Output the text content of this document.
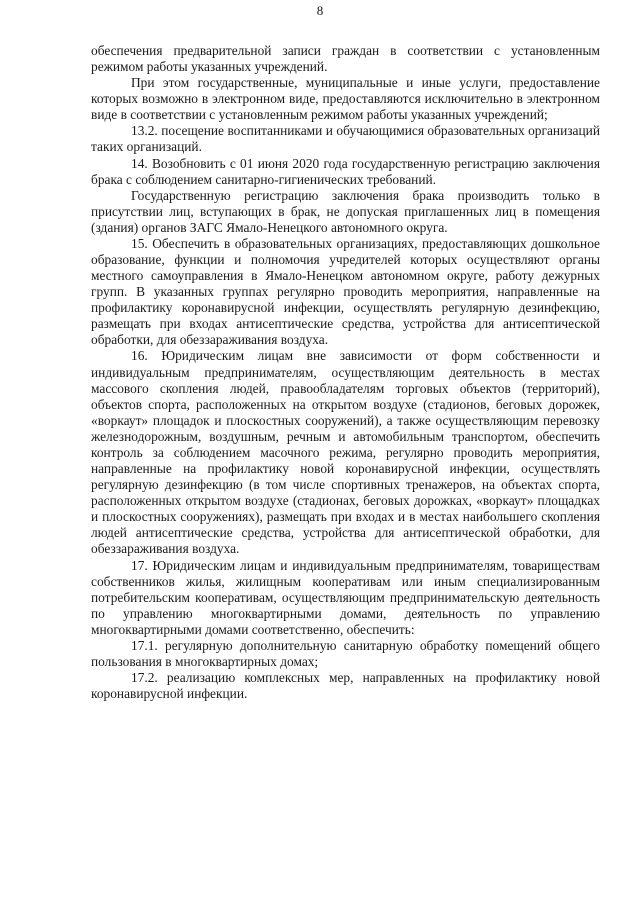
8

обеспечения предварительной записи граждан в соответствии с установленным режимом работы указанных учреждений.

При этом государственные, муниципальные и иные услуги, предоставление которых возможно в электронном виде, предоставляются исключительно в электронном виде в соответствии с установленным режимом работы указанных учреждений;

13.2. посещение воспитанниками и обучающимися образовательных организаций таких организаций.

14. Возобновить с 01 июня 2020 года государственную регистрацию заключения брака с соблюдением санитарно-гигиенических требований.

Государственную регистрацию заключения брака производить только в присутствии лиц, вступающих в брак, не допуская приглашенных лиц в помещения (здания) органов ЗАГС Ямало-Ненецкого автономного округа.

15. Обеспечить в образовательных организациях, предоставляющих дошкольное образование, функции и полномочия учредителей которых осуществляют органы местного самоуправления в Ямало-Ненецком автономном округе, работу дежурных групп. В указанных группах регулярно проводить мероприятия, направленные на профилактику коронавирусной инфекции, осуществлять регулярную дезинфекцию, размещать при входах антисептические средства, устройства для антисептической обработки, для обеззараживания воздуха.

16. Юридическим лицам вне зависимости от форм собственности и индивидуальным предпринимателям, осуществляющим деятельность в местах массового скопления людей, правообладателям торговых объектов (территорий), объектов спорта, расположенных на открытом воздухе (стадионов, беговых дорожек, «воркаут» площадок и плоскостных сооружений), а также осуществляющим перевозку железнодорожным, воздушным, речным и автомобильным транспортом, обеспечить контроль за соблюдением масочного режима, регулярно проводить мероприятия, направленные на профилактику новой коронавирусной инфекции, осуществлять регулярную дезинфекцию (в том числе спортивных тренажеров, на объектах спорта, расположенных открытом воздухе (стадионах, беговых дорожках, «воркаут» площадках и плоскостных сооружениях), размещать при входах и в местах наибольшего скопления людей антисептические средства, устройства для антисептической обработки, для обеззараживания воздуха.

17. Юридическим лицам и индивидуальным предпринимателям, товариществам собственников жилья, жилищным кооперативам или иным специализированным потребительским кооперативам, осуществляющим предпринимательскую деятельность по управлению многоквартирными домами, деятельность по управлению многоквартирными домами соответственно, обеспечить:

17.1. регулярную дополнительную санитарную обработку помещений общего пользования в многоквартирных домах;

17.2. реализацию комплексных мер, направленных на профилактику новой коронавирусной инфекции.
